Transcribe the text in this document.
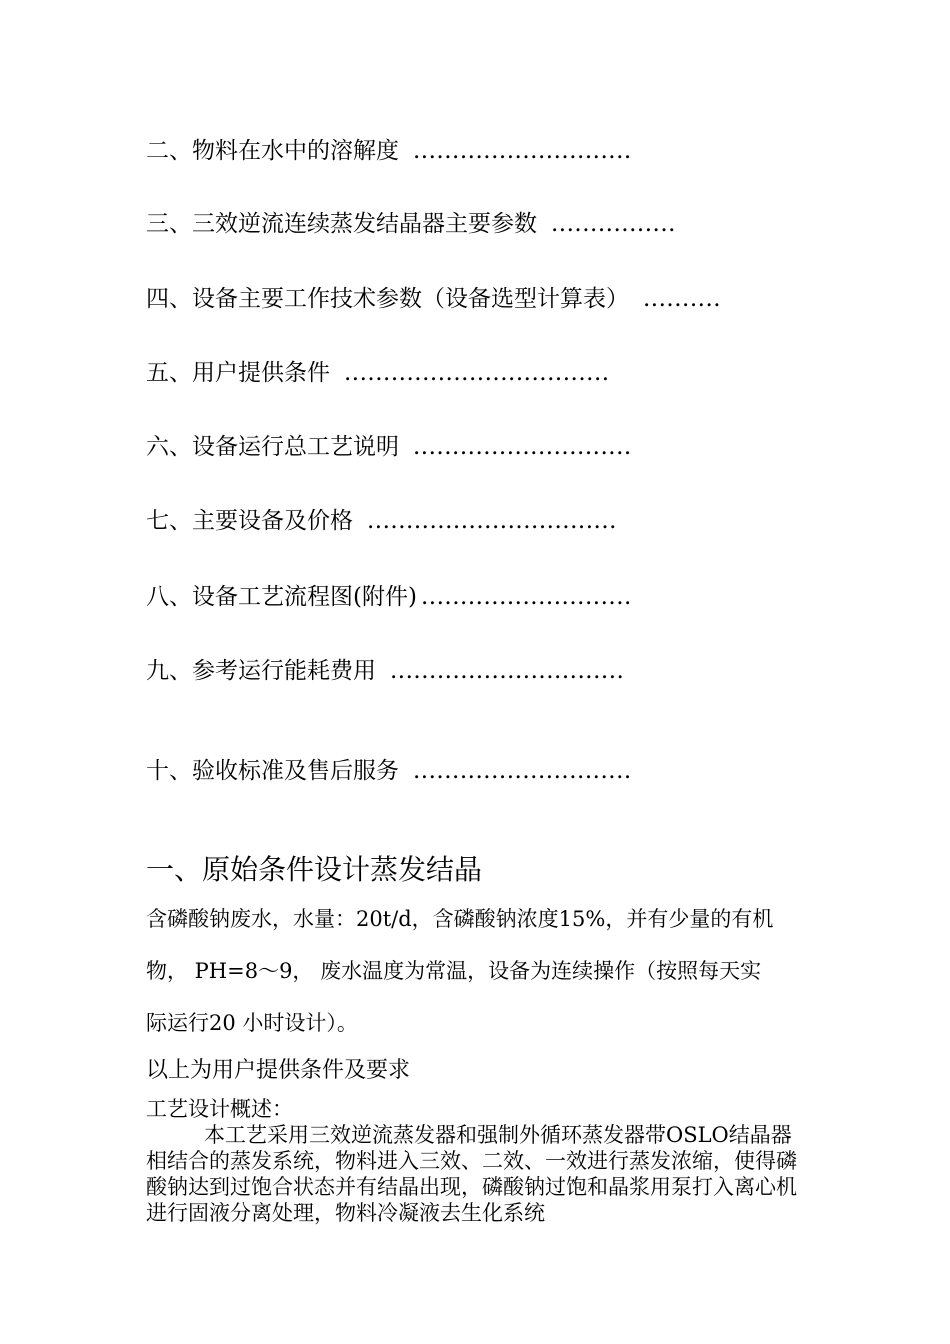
二、物料在水中的溶解度 ............................
三、三效逆流连续蒸发结晶器主要参数 ................
四、设备主要工作技术参数（设备选型计算表） ..........
五、用户提供条件 ..................................
六、设备运行总工艺说明 ............................
七、主要设备及价格 ................................
八、设备工艺流程图(附件) ...........................
九、参考运行能耗费用 ..............................
十、验收标准及售后服务 ............................
一、原始条件设计蒸发结晶
含磷酸钠废水，水量：20t/d，含磷酸钠浓度15%，并有少量的有机
物， PH=8～9， 废水温度为常温，设备为连续操作（按照每天实
际运行20 小时设计）。
以上为用户提供条件及要求
工艺设计概述：
本工艺采用三效逆流蒸发器和强制外循环蒸发器带OSLO结晶器相结合的蒸发系统，物料进入三效、二效、一效进行蒸发浓缩，使得磷酸钠达到过饱合状态并有结晶出现，磷酸钠过饱和晶浆用泵打入离心机进行固液分离处理，物料冷凝液去生化系统
